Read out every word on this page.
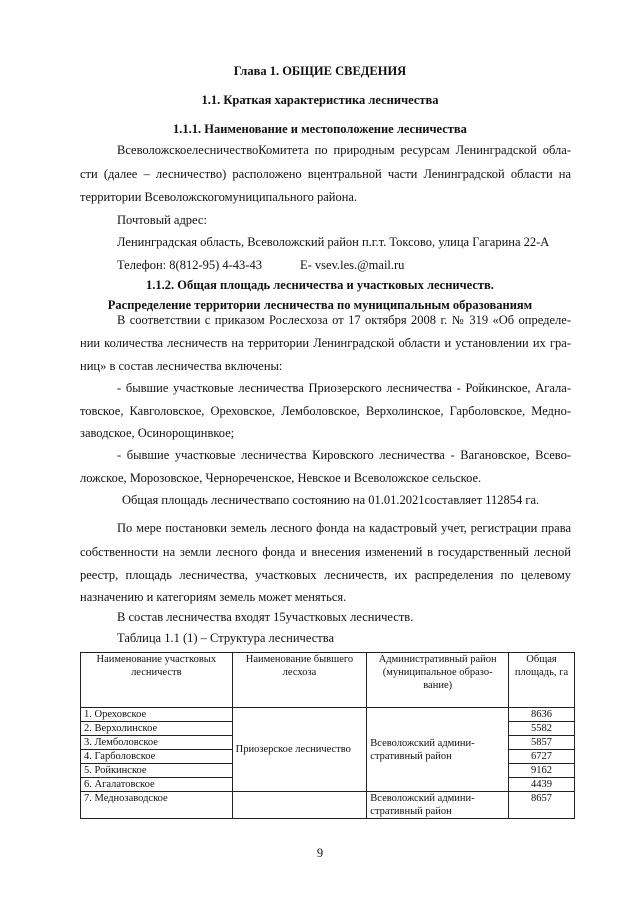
Глава 1. ОБЩИЕ СВЕДЕНИЯ
1.1. Краткая характеристика лесничества
1.1.1. Наименование и местоположение лесничества
ВсеволожскоелесничествоКомитета по природным ресурсам Ленинградской обла-
сти (далее – лесничество) расположено вцентральной части Ленинградской области на
территории Всеволожскогомуниципального района.
Почтовый адрес:
Ленинградская область, Всеволожский район п.г.т. Токсово, улица Гагарина 22-А
Телефон: 8(812-95) 4-43-43	E- vsev.les.@mail.ru
1.1.2. Общая площадь лесничества и участковых лесничеств.
Распределение территории лесничества по муниципальным образованиям
В соответствии с приказом Рослесхоза от 17 октября 2008 г. № 319 «Об определе-
нии количества лесничеств на территории Ленинградской области и установлении их гра-
ниц» в состав лесничества включены:
- бывшие участковые лесничества Приозерского лесничества - Ройкинское, Агала-
товское, Кавголовское, Ореховское, Лемболовское, Верхолинское, Гарболовское, Медно-
заводское, Осинорощинвкое;
- бывшие участковые лесничества Кировского лесничества - Вагановское, Всево-
ложское, Морозовское, Чернореченское, Невское и Всеволожское сельское.
Общая площадь лесничествапо состоянию на 01.01.2021составляет 112854 га.
По мере постановки земель лесного фонда на кадастровый учет, регистрации права
собственности на земли лесного фонда и внесения изменений в государственный лесной
реестр, площадь лесничества, участковых лесничеств, их распределения по целевому
назначению и категориям земель может меняться.
В состав лесничества входят 15участковых лесничеств.
Таблица 1.1 (1) – Структура лесничества
Наименование участковых лесничеств	Наименование бывшего лесхоза	Административный район (муниципальное образо-вание)	Общая площадь, га
1. Ореховское	Приозерское лесничество	Всеволожский админи-стративный район	8636
2. Верхолинское			5582
3. Лемболовское			5857
4. Гарболовское			6727
5. Ройкинское			9162
6. Агалатовское			4439
7. Меднозаводское		Всеволожский админи-стративный район	8657
9
